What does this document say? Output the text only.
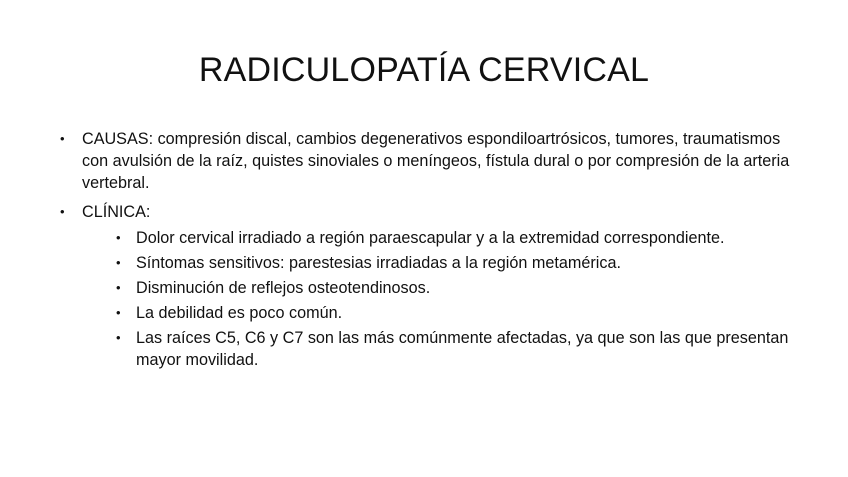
RADICULOPATÍA CERVICAL
• CAUSAS: compresión discal, cambios degenerativos espondiloartrósicos, tumores, traumatismos con avulsión de la raíz, quistes sinoviales o meníngeos, fístula dural o por compresión de la arteria vertebral.
• CLÍNICA:
• Dolor cervical irradiado a región paraescapular y a la extremidad correspondiente.
• Síntomas sensitivos: parestesias irradiadas a la región metamérica.
• Disminución de reflejos osteotendinosos.
• La debilidad es poco común.
• Las raíces C5, C6 y C7 son las más comúnmente afectadas, ya que son las que presentan mayor movilidad.
